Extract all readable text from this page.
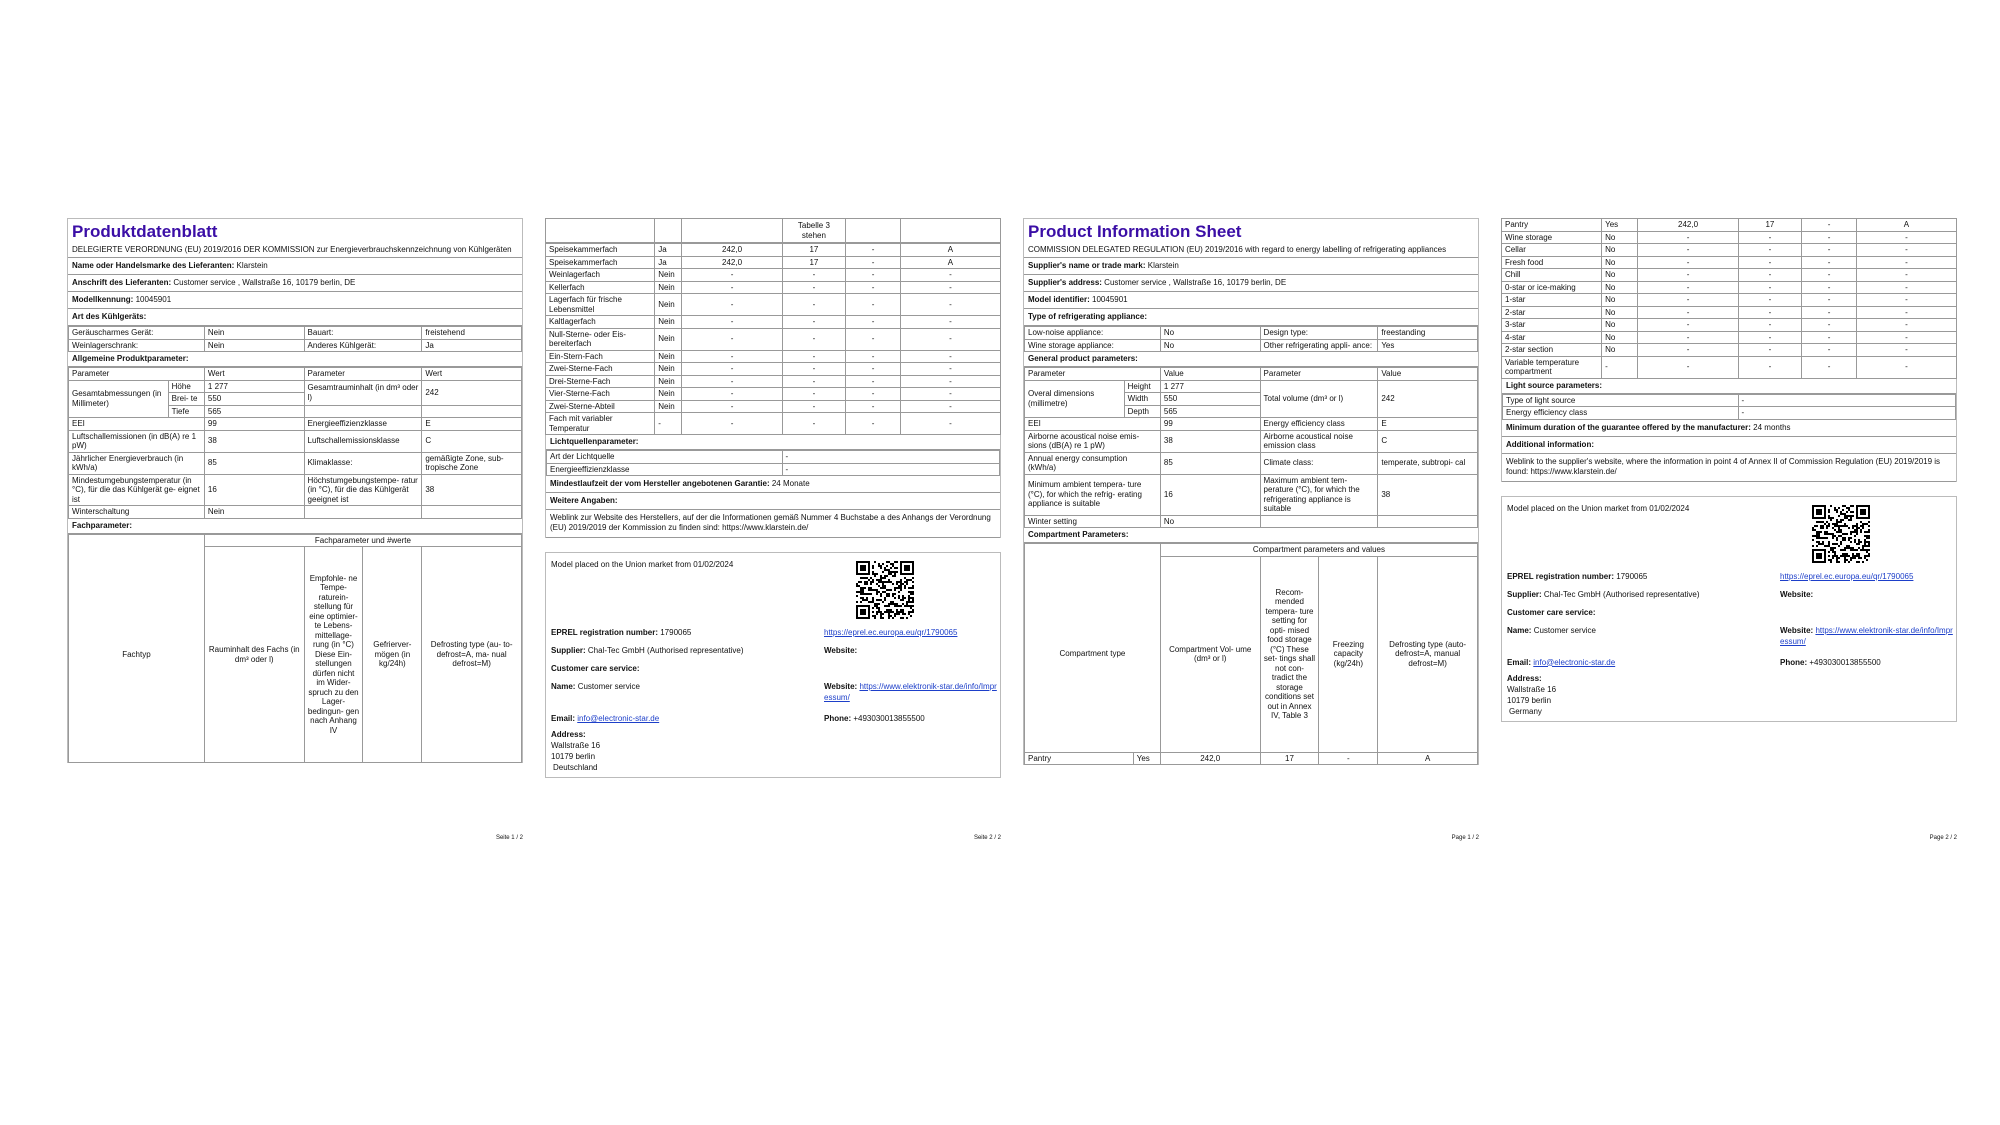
Produktdatenblatt
DELEGIERTE VERORDNUNG (EU) 2019/2016 DER KOMMISSION zur Energieverbrauchskennzeichnung von Kühlgeräten
Name oder Handelsmarke des Lieferanten: Klarstein
Anschrift des Lieferanten: Customer service , Wallstraße 16, 10179 berlin, DE
Modellkennung: 10045901
Art des Kühlgeräts:
Geräuscharmes Gerät:	Nein	Bauart:	freistehend
Weinlagerschrank:	Nein	Anderes Kühlgerät:	Ja
Allgemeine Produktparameter:
Parameter		Wert	Parameter	Wert
Gesamtabmessungen (in Millimeter)	Höhe	1 277	Gesamtrauminhalt (in dm³ oder l)	242
	Brei- te	550		
	Tiefe	565		
EEI		99	Energieeffizienzklasse	E
Luftschallemissionen (in dB(A) re 1 pW)		38	Luftschallemissionsklasse	C
Jährlicher Energieverbrauch (in kWh/a)		85	Klimaklasse:	gemäßigte Zone, sub- tropische Zone
Mindestumgebungstemperatur (in °C), für die das Kühlgerät ge- eignet ist		16	Höchstumgebungstempe- ratur (in °C), für die das Kühlgerät geeignet ist	38
Winterschaltung		Nein		
Fachparameter:
	Fachparameter und #werte			
Fachtyp	Rauminhalt des Fachs (in dm³ oder l)	Empfohle- ne Tempe- raturein- stellung für eine optimier- te Lebens- mittellage- rung (in °C) Diese Ein- stellungen dürfen nicht im Wider- spruch zu den Lager- bedingun- gen nach Anhang IV	Gefrierver- mögen (in kg/24h)	Defrosting type (au- to-defrost=A, ma- nual defrost=M)
Seite 1 / 2
			Tabelle 3 stehen		
Speisekammerfach	Ja	242,0	17	-	A
Speisekammerfach	Ja	242,0	17	-	A
Weinlagerfach	Nein	-	-	-	-
Kellerfach	Nein	-	-	-	-
Lagerfach für frische Lebensmittel	Nein	-	-	-	-
Kaltlagerfach	Nein	-	-	-	-
Null-Sterne- oder Eis- bereiterfach	Nein	-	-	-	-
Ein-Stern-Fach	Nein	-	-	-	-
Zwei-Sterne-Fach	Nein	-	-	-	-
Drei-Sterne-Fach	Nein	-	-	-	-
Vier-Sterne-Fach	Nein	-	-	-	-
Zwei-Sterne-Abteil	Nein	-	-	-	-
Fach mit variabler Temperatur	-	-	-	-	-
Lichtquellenparameter:
Art der Lichtquelle	-
Energieeffizienzklasse	-
Mindestlaufzeit der vom Hersteller angebotenen Garantie: 24 Monate
Weitere Angaben:
Weblink zur Website des Herstellers, auf der die Informationen gemäß Nummer 4 Buchstabe a des Anhangs der Verordnung (EU) 2019/2019 der Kommission zu finden sind: https://www.klarstein.de/
Model placed on the Union market from 01/02/2024
EPREL registration number: 1790065	https://eprel.ec.europa.eu/qr/1790065
Supplier: Chal-Tec GmbH (Authorised representative)	Website:
Customer care service:
Name: Customer service	Website: https://www.elektronik-star.de/info/Impressum/
Email: info@electronic-star.de	Phone: +493030013855500
Address:
Wallstraße 16
10179 berlin
Deutschland
Seite 2 / 2
Product Information Sheet
COMMISSION DELEGATED REGULATION (EU) 2019/2016 with regard to energy labelling of refrigerating appliances
Supplier's name or trade mark: Klarstein
Supplier's address: Customer service , Wallstraße 16, 10179 berlin, DE
Model identifier: 10045901
Type of refrigerating appliance:
Low-noise appliance:	No	Design type:	freestanding
Wine storage appliance:	No	Other refrigerating appli- ance:	Yes
General product parameters:
Parameter		Value	Parameter	Value
Overal dimensions (millimetre)	Height	1 277	Total volume (dm³ or l)	242
	Width	550		
	Depth	565		
EEI		99	Energy efficiency class	E
Airborne acoustical noise emis- sions (dB(A) re 1 pW)		38	Airborne acoustical noise emission class	C
Annual energy consumption (kWh/a)		85	Climate class:	temperate, subtropi- cal
Minimum ambient tempera- ture (°C), for which the refrig- erating appliance is suitable		16	Maximum ambient tem- perature (°C), for which the refrigerating appliance is suitable	38
Winter setting		No		
Compartment Parameters:
		Compartment parameters and values			
Compartment type		Compartment Vol- ume (dm³ or l)	Recom- mended tempera- ture setting for opti- mised food storage (°C) These set- tings shall not con- tradict the storage conditions set out in Annex IV, Table 3	Freezing capacity (kg/24h)	Defrosting type (auto-defrost=A, manual defrost=M)
Pantry	Yes	242,0	17	-	A
Page 1 / 2
Pantry	Yes	242,0	17	-	A
Wine storage	No	-	-	-	-
Cellar	No	-	-	-	-
Fresh food	No	-	-	-	-
Chill	No	-	-	-	-
0-star or ice-making	No	-	-	-	-
1-star	No	-	-	-	-
2-star	No	-	-	-	-
3-star	No	-	-	-	-
4-star	No	-	-	-	-
2-star section	No	-	-	-	-
Variable temperature compartment	-	-	-	-	-
Light source parameters:
Type of light source	-
Energy efficiency class	-
Minimum duration of the guarantee offered by the manufacturer: 24 months
Additional information:
Weblink to the supplier's website, where the information in point 4 of Annex II of Commission Regulation (EU) 2019/2019 is found: https://www.klarstein.de/
Model placed on the Union market from 01/02/2024
EPREL registration number: 1790065	https://eprel.ec.europa.eu/qr/1790065
Supplier: Chal-Tec GmbH (Authorised representative)	Website:
Customer care service:
Name: Customer service	Website: https://www.elektronik-star.de/info/Impressum/
Email: info@electronic-star.de	Phone: +493030013855500
Address:
Wallstraße 16
10179 berlin
Germany
Page 2 / 2
